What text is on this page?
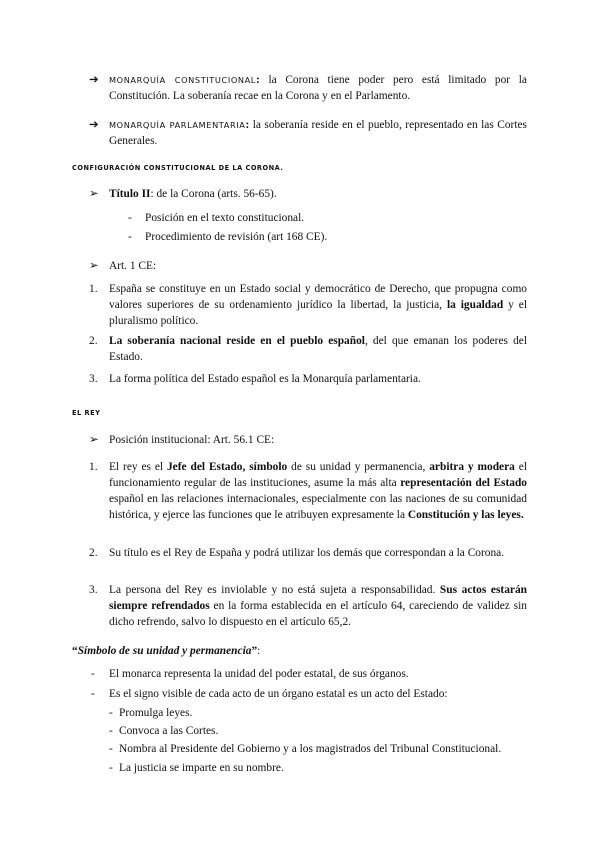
➔ MONARQUÍA CONSTITUCIONAL: la Corona tiene poder pero está limitado por la Constitución. La soberanía recae en la Corona y en el Parlamento.
➔ MONARQUÍA PARLAMENTARIA: la soberanía reside en el pueblo, representado en las Cortes Generales.
CONFIGURACIÓN CONSTITUCIONAL DE LA CORONA.
➢ Título II: de la Corona (arts. 56-65).
- Posición en el texto constitucional.
- Procedimiento de revisión (art 168 CE).
➢ Art. 1 CE:
1. España se constituye en un Estado social y democrático de Derecho, que propugna como valores superiores de su ordenamiento jurídico la libertad, la justicia, la igualdad y el pluralismo político.
2. La soberanía nacional reside en el pueblo español, del que emanan los poderes del Estado.
3. La forma política del Estado español es la Monarquía parlamentaria.
EL REY
➢ Posición institucional: Art. 56.1 CE:
1. El rey es el Jefe del Estado, símbolo de su unidad y permanencia, arbitra y modera el funcionamiento regular de las instituciones, asume la más alta representación del Estado español en las relaciones internacionales, especialmente con las naciones de su comunidad histórica, y ejerce las funciones que le atribuyen expresamente la Constitución y las leyes.
2. Su título es el Rey de España y podrá utilizar los demás que correspondan a la Corona.
3. La persona del Rey es inviolable y no está sujeta a responsabilidad. Sus actos estarán siempre refrendados en la forma establecida en el artículo 64, careciendo de validez sin dicho refrendo, salvo lo dispuesto en el artículo 65,2.
“Símbolo de su unidad y permanencia”:
- El monarca representa la unidad del poder estatal, de sus órganos.
- Es el signo visible de cada acto de un órgano estatal es un acto del Estado:
- Promulga leyes.
- Convoca a las Cortes.
- Nombra al Presidente del Gobierno y a los magistrados del Tribunal Constitucional.
- La justicia se imparte en su nombre.
